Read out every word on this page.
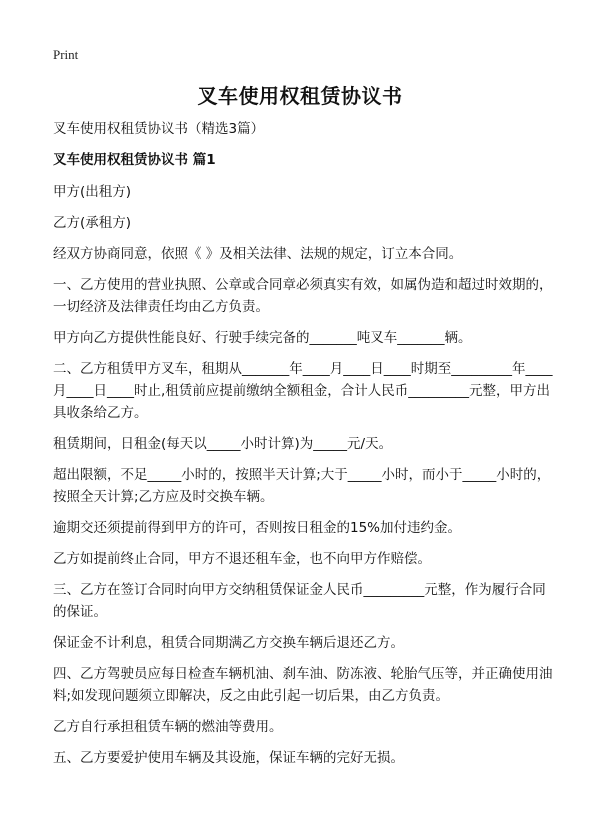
Print
叉车使用权租赁协议书

叉车使用权租赁协议书（精选3篇）

叉车使用权租赁协议书 篇1

甲方(出租方)

乙方(承租方)

经双方协商同意，依照《 》及相关法律、法规的规定，订立本合同。

一、乙方使用的营业执照、公章或合同章必须真实有效，如属伪造和超过时效期的，一切经济及法律责任均由乙方负责。

甲方向乙方提供性能良好、行驶手续完备的_______吨叉车_______辆。

二、乙方租赁甲方叉车，租期从_______年____月____日____时期至_________年____月____日____时止,租赁前应提前缴纳全额租金，合计人民币_________元整，甲方出具收条给乙方。

租赁期间，日租金(每天以_____小时计算)为_____元/天。

超出限额，不足_____小时的，按照半天计算;大于_____小时，而小于_____小时的，按照全天计算;乙方应及时交换车辆。

逾期交还须提前得到甲方的许可，否则按日租金的15%加付违约金。

乙方如提前终止合同，甲方不退还租车金，也不向甲方作赔偿。

三、乙方在签订合同时向甲方交纳租赁保证金人民币_________元整，作为履行合同的保证。

保证金不计利息，租赁合同期满乙方交换车辆后退还乙方。

四、乙方驾驶员应每日检查车辆机油、刹车油、防冻液、轮胎气压等，并正确使用油料;如发现问题须立即解决，反之由此引起一切后果，由乙方负责。

乙方自行承担租赁车辆的燃油等费用。

五、乙方要爱护使用车辆及其设施，保证车辆的完好无损。
